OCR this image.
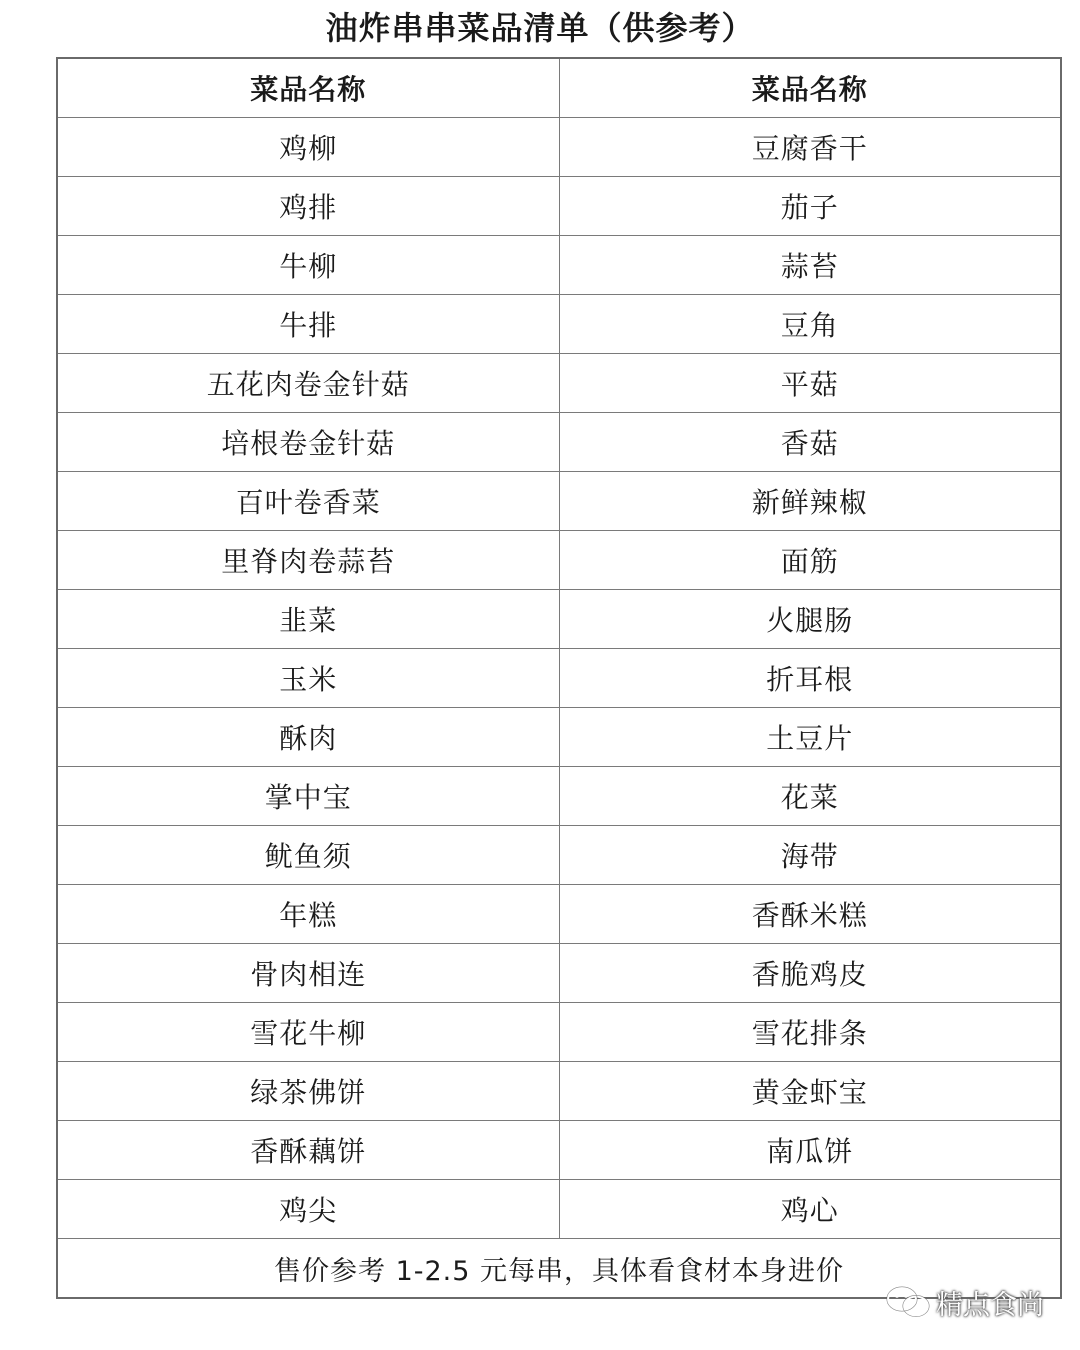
油炸串串菜品清单（供参考）
菜品名称	菜品名称
鸡柳	豆腐香干
鸡排	茄子
牛柳	蒜苔
牛排	豆角
五花肉卷金针菇	平菇
培根卷金针菇	香菇
百叶卷香菜	新鲜辣椒
里脊肉卷蒜苔	面筋
韭菜	火腿肠
玉米	折耳根
酥肉	土豆片
掌中宝	花菜
鱿鱼须	海带
年糕	香酥米糕
骨肉相连	香脆鸡皮
雪花牛柳	雪花排条
绿茶佛饼	黄金虾宝
香酥藕饼	南瓜饼
鸡尖	鸡心
售价参考 1-2.5 元每串，具体看食材本身进价	
精点食尚
